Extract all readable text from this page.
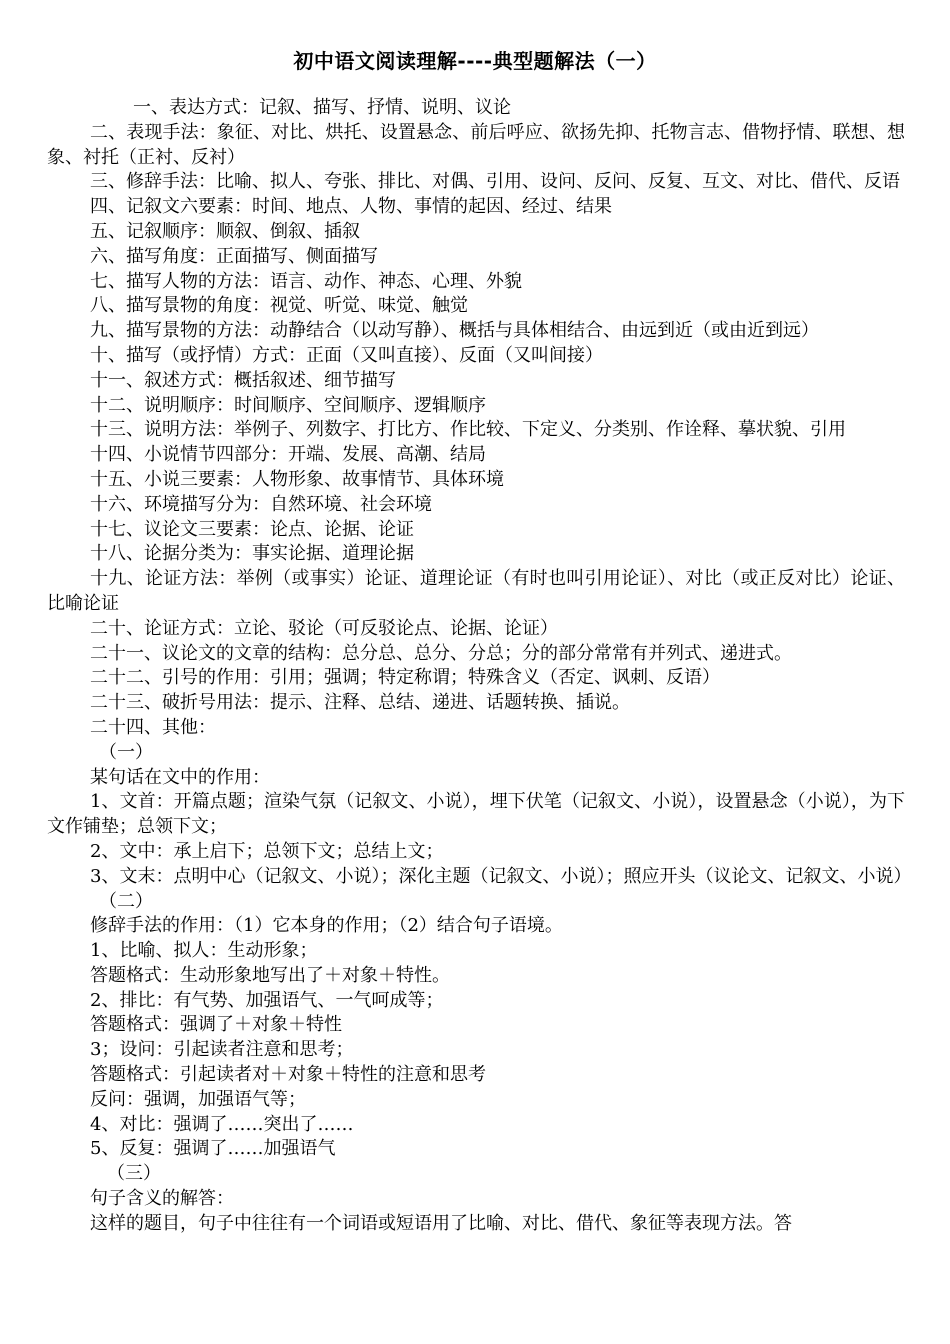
初中语文阅读理解----典型题解法（一）

一、表达方式：记叙、描写、抒情、说明、议论

二、表现手法：象征、对比、烘托、设置悬念、前后呼应、欲扬先抑、托物言志、借物抒情、联想、想象、衬托（正衬、反衬）

三、修辞手法：比喻、拟人、夸张、排比、对偶、引用、设问、反问、反复、互文、对比、借代、反语

四、记叙文六要素：时间、地点、人物、事情的起因、经过、结果

五、记叙顺序：顺叙、倒叙、插叙

六、描写角度：正面描写、侧面描写

七、描写人物的方法：语言、动作、神态、心理、外貌

八、描写景物的角度：视觉、听觉、味觉、触觉

九、描写景物的方法：动静结合（以动写静）、概括与具体相结合、由远到近（或由近到远）

十、描写（或抒情）方式：正面（又叫直接）、反面（又叫间接）

十一、叙述方式：概括叙述、细节描写

十二、说明顺序：时间顺序、空间顺序、逻辑顺序

十三、说明方法：举例子、列数字、打比方、作比较、下定义、分类别、作诠释、摹状貌、引用

十四、小说情节四部分：开端、发展、高潮、结局

十五、小说三要素：人物形象、故事情节、具体环境

十六、环境描写分为：自然环境、社会环境

十七、议论文三要素：论点、论据、论证

十八、论据分类为：事实论据、道理论据

十九、论证方法：举例（或事实）论证、道理论证（有时也叫引用论证）、对比（或正反对比）论证、比喻论证

二十、论证方式：立论、驳论（可反驳论点、论据、论证）

二十一、议论文的文章的结构：总分总、总分、分总；分的部分常常有并列式、递进式。

二十二、引号的作用：引用；强调；特定称谓；特殊含义（否定、讽刺、反语）

二十三、破折号用法：提示、注释、总结、递进、话题转换、插说。

二十四、其他：

（一）

某句话在文中的作用：

1、文首：开篇点题；渲染气氛（记叙文、小说），埋下伏笔（记叙文、小说），设置悬念（小说），为下文作铺垫；总领下文；

2、文中：承上启下；总领下文；总结上文；

3、文末：点明中心（记叙文、小说）；深化主题（记叙文、小说）；照应开头（议论文、记叙文、小说）

（二）

修辞手法的作用：（1）它本身的作用；（2）结合句子语境。

1、比喻、拟人：生动形象；

答题格式：生动形象地写出了＋对象＋特性。

2、排比：有气势、加强语气、一气呵成等；

答题格式：强调了＋对象＋特性

3；设问：引起读者注意和思考；

答题格式：引起读者对＋对象＋特性的注意和思考

反问：强调，加强语气等；

4、对比：强调了……突出了……

5、反复：强调了……加强语气

（三）

句子含义的解答：

这样的题目，句子中往往有一个词语或短语用了比喻、对比、借代、象征等表现方法。答
